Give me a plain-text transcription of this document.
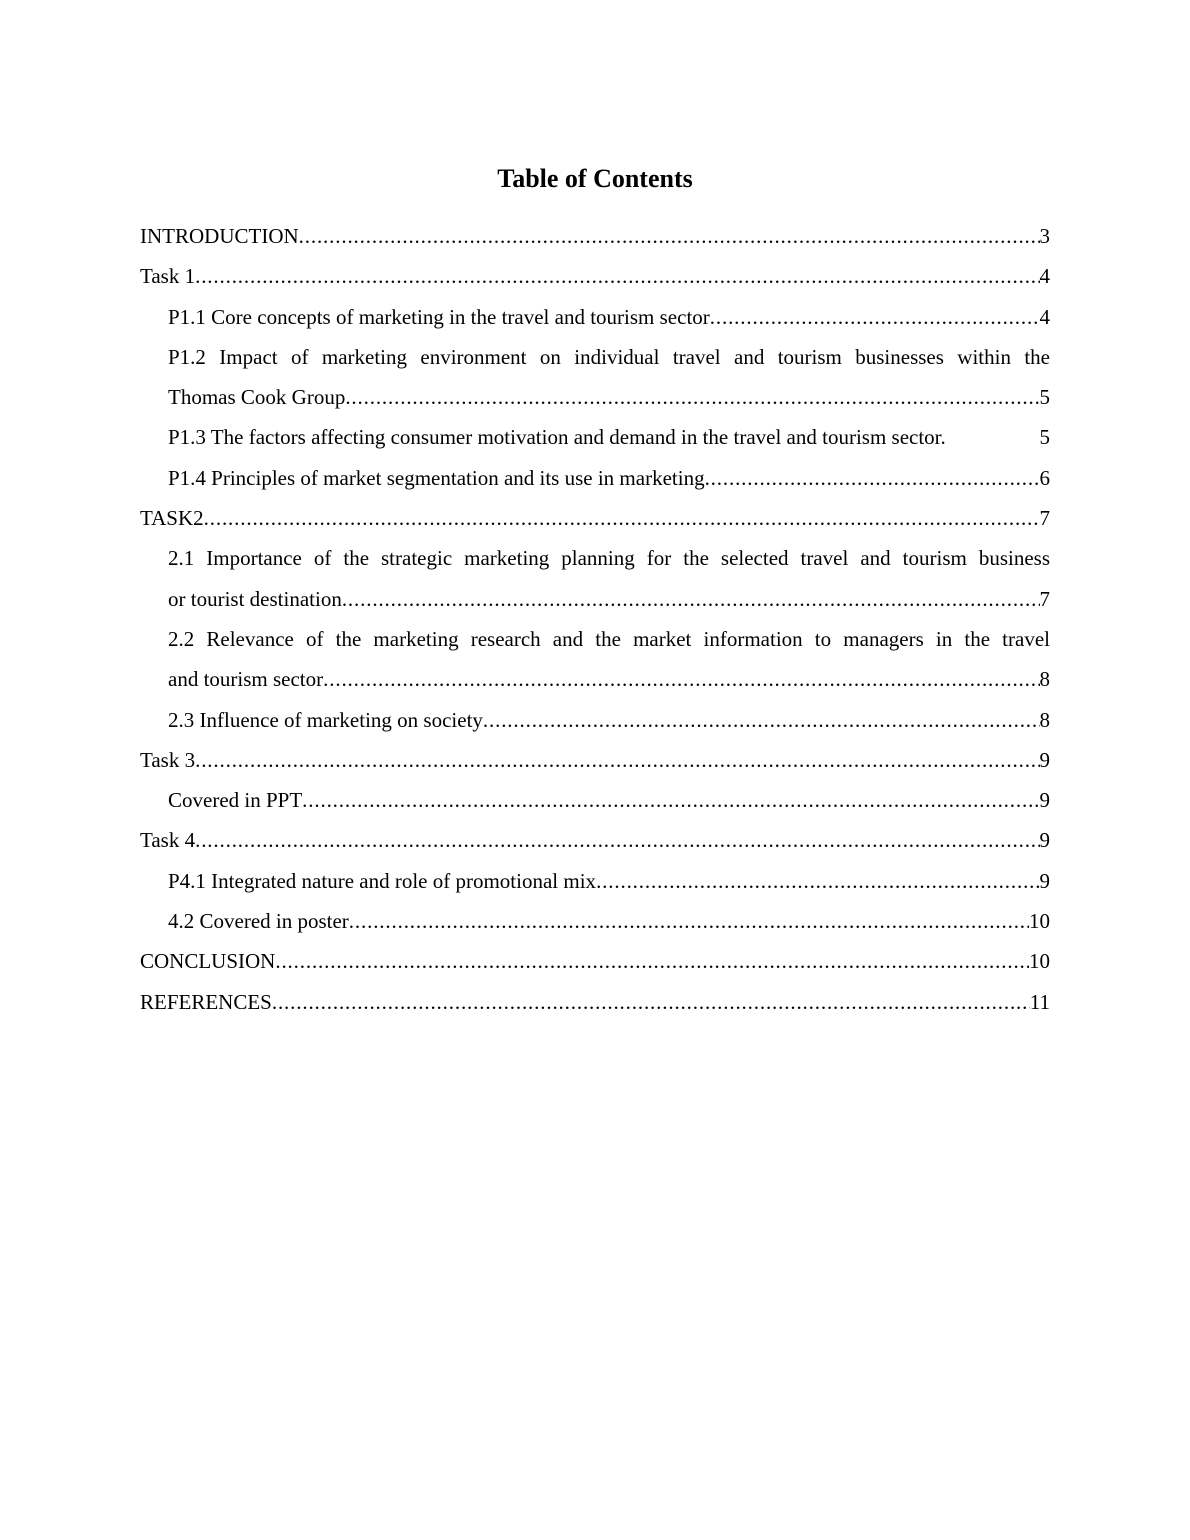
Table of Contents
INTRODUCTION . . .	3
Task 1 . . .	4
P1.1 Core concepts of marketing in the travel and tourism sector . . .	4
P1.2 Impact of marketing environment on individual travel and tourism businesses within the
Thomas Cook Group . . .	5
P1.3 The factors affecting consumer motivation and demand in the travel and tourism sector.	5
P1.4 Principles of market segmentation and its use in marketing . . .	6
TASK2 . . .	7
2.1 Importance of the strategic marketing planning for the selected travel and tourism business
or tourist destination . . .	7
2.2 Relevance of the marketing research and the market information to managers in the travel
and tourism sector . . .	8
2.3 Influence of marketing on society . . .	8
Task 3 . . .	9
Covered in PPT . . .	9
Task 4 . . .	9
P4.1 Integrated nature and role of promotional mix . . .	9
4.2 Covered in poster . . .	10
CONCLUSION . . .	10
REFERENCES . . .	11
